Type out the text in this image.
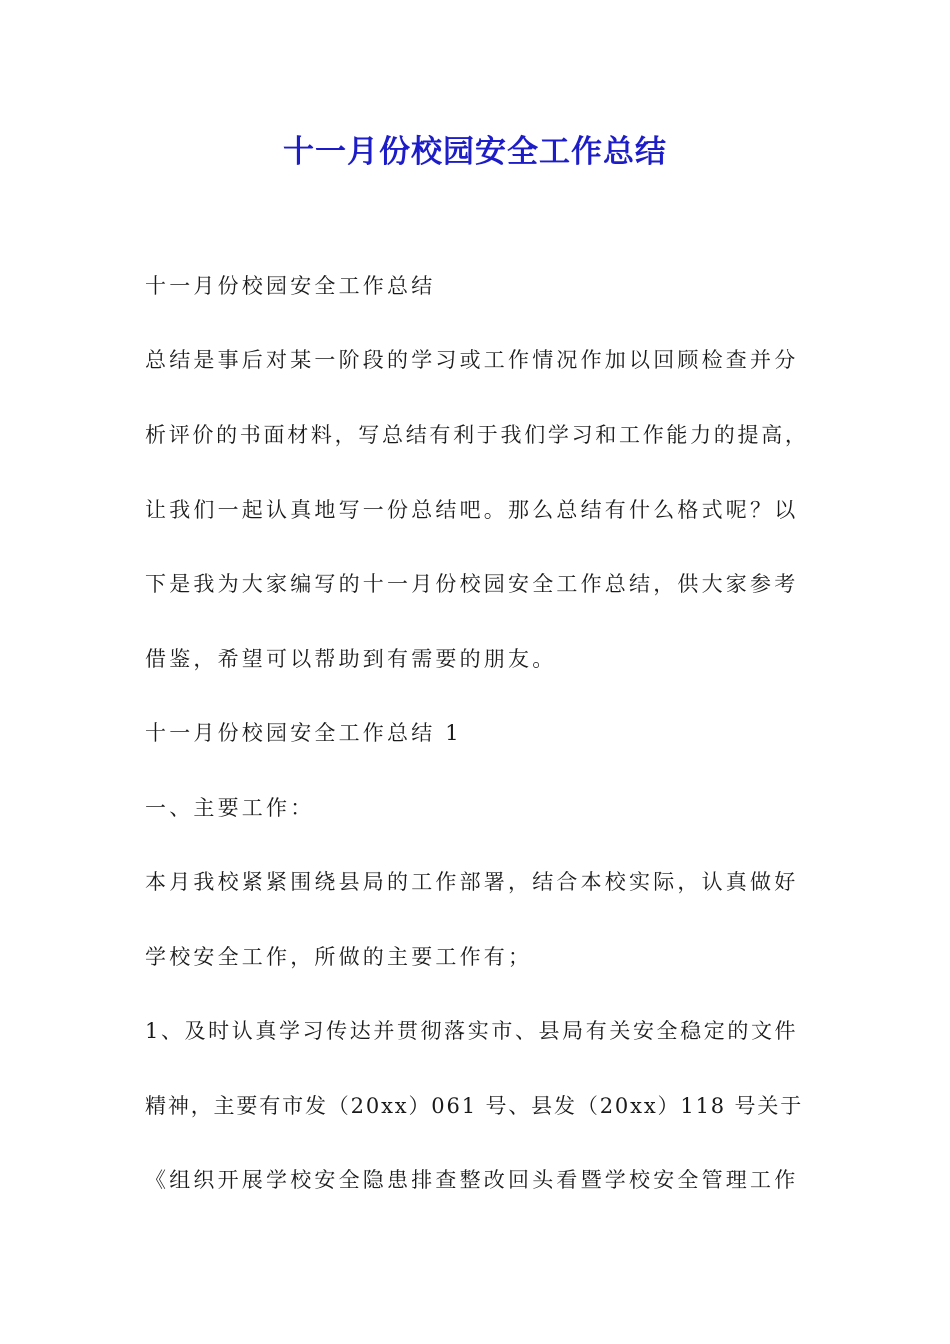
十一月份校园安全工作总结

十一月份校园安全工作总结

总结是事后对某一阶段的学习或工作情况作加以回顾检查并分

析评价的书面材料，写总结有利于我们学习和工作能力的提高，

让我们一起认真地写一份总结吧。那么总结有什么格式呢？以

下是我为大家编写的十一月份校园安全工作总结，供大家参考

借鉴，希望可以帮助到有需要的朋友。

十一月份校园安全工作总结 1

一、主要工作：

本月我校紧紧围绕县局的工作部署，结合本校实际，认真做好

学校安全工作，所做的主要工作有；

1、及时认真学习传达并贯彻落实市、县局有关安全稳定的文件

精神，主要有市发（20xx）061 号、县发（20xx）118 号关于

《组织开展学校安全隐患排查整改回头看暨学校安全管理工作
